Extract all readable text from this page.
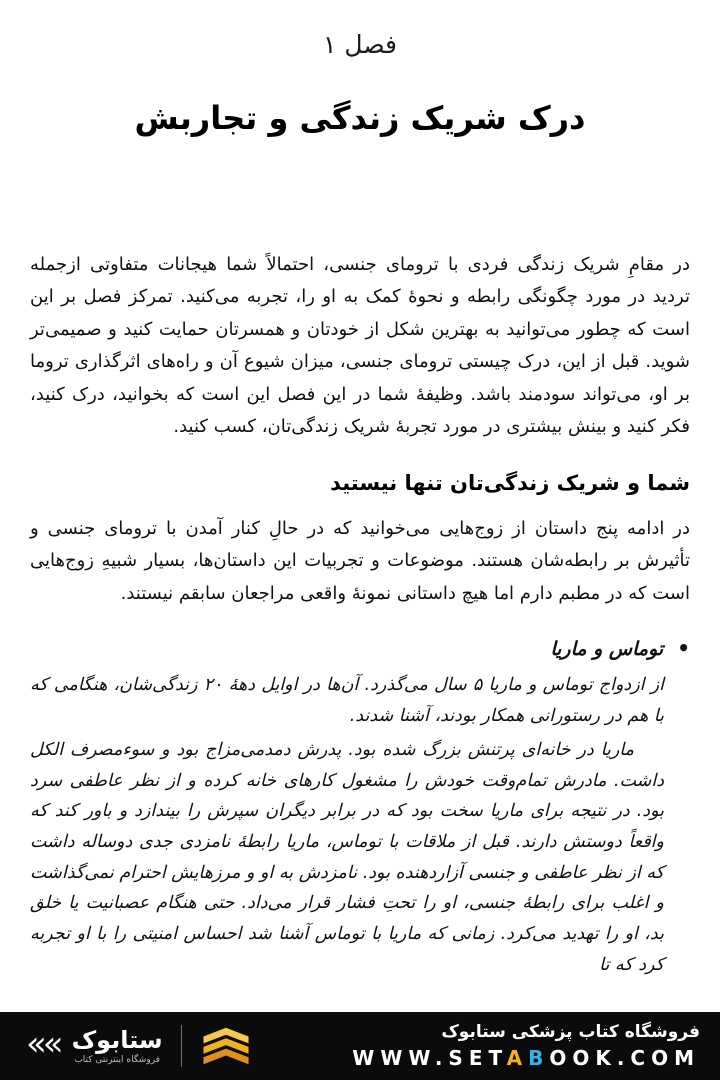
فصل ۱
درک شریک زندگی و تجاربش

در مقامِ شریک زندگی فردی با ترومای جنسی، احتمالاً شما هیجانات متفاوتی ازجمله تردید در مورد چگونگی رابطه و نحوهٔ کمک به او را، تجربه می‌کنید. تمرکز فصل بر این است که چطور می‌توانید به بهترین شکل از خودتان و همسرتان حمایت کنید و صمیمی‌تر شوید. قبل از این، درک چیستی ترومای جنسی، میزان شیوع آن و راه‌های اثرگذاری تروما بر او، می‌تواند سودمند باشد. وظیفهٔ شما در این فصل این است که بخوانید، درک کنید، فکر کنید و بینش بیشتری در مورد تجربهٔ شریک زندگی‌تان، کسب کنید.

شما و شریک زندگی‌تان تنها نیستید

در ادامه پنج داستان از زوج‌هایی می‌خوانید که در حالِ کنار آمدن با ترومای جنسی و تأثیرش بر رابطه‌شان هستند. موضوعات و تجربیات این داستان‌ها، بسیار شبیهِ زوج‌هایی است که در مطبم دارم اما هیچ داستانی نمونهٔ واقعی مراجعان سابقم نیستند.

•
توماس و ماریا

از ازدواج توماس و ماریا ۵ سال می‌گذرد. آن‌ها در اوایل دههٔ ۲۰ زندگی‌شان، هنگامی که با هم در رستورانی همکار بودند، آشنا شدند.

ماریا در خانه‌ای پرتنش بزرگ شده بود. پدرش دمدمی‌مزاج بود و سوءمصرف الکل داشت. مادرش تمام‌وقت خودش را مشغول کارهای خانه کرده و از نظر عاطفی سرد بود. در نتیجه برای ماریا سخت بود که در برابر دیگران سپرش را بیندازد و باور کند که واقعاً دوستش دارند. قبل از ملاقات با توماس، ماریا رابطهٔ نامزدی جدی دوساله داشت که از نظر عاطفی و جنسی آزاردهنده بود. نامزدش به او و مرزهایش احترام نمی‌گذاشت و اغلب برای رابطهٔ جنسی، او را تحتِ فشار قرار می‌داد. حتی هنگام عصبانیت یا خلق بد، او را تهدید می‌کرد. زمانی که ماریا با توماس آشنا شد احساس امنیتی را با او تجربه کرد که تا

«« ستابوک
فروشگاه اینترنتی کتاب
فروشگاه کتاب پزشکی ستابوک
WWW.SETABOOK.COM
